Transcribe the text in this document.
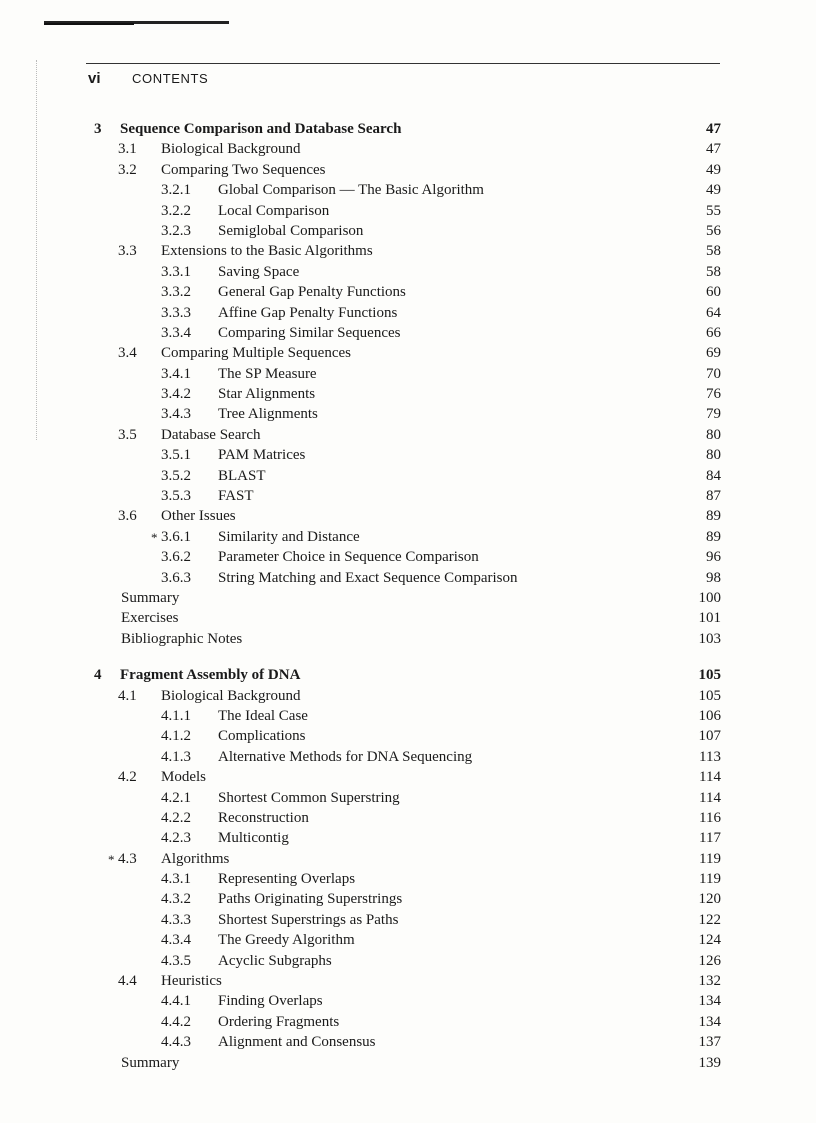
vi CONTENTS
3 Sequence Comparison and Database Search	47
3.1 Biological Background	47
3.2 Comparing Two Sequences	49
3.2.1 Global Comparison — The Basic Algorithm	49
3.2.2 Local Comparison	55
3.2.3 Semiglobal Comparison	56
3.3 Extensions to the Basic Algorithms	58
3.3.1 Saving Space	58
3.3.2 General Gap Penalty Functions	60
3.3.3 Affine Gap Penalty Functions	64
3.3.4 Comparing Similar Sequences	66
3.4 Comparing Multiple Sequences	69
3.4.1 The SP Measure	70
3.4.2 Star Alignments	76
3.4.3 Tree Alignments	79
3.5 Database Search	80
3.5.1 PAM Matrices	80
3.5.2 BLAST	84
3.5.3 FAST	87
3.6 Other Issues	89
* 3.6.1 Similarity and Distance	89
3.6.2 Parameter Choice in Sequence Comparison	96
3.6.3 String Matching and Exact Sequence Comparison	98
Summary	100
Exercises	101
Bibliographic Notes	103
4 Fragment Assembly of DNA	105
4.1 Biological Background	105
4.1.1 The Ideal Case	106
4.1.2 Complications	107
4.1.3 Alternative Methods for DNA Sequencing	113
4.2 Models	114
4.2.1 Shortest Common Superstring	114
4.2.2 Reconstruction	116
4.2.3 Multicontig	117
* 4.3 Algorithms	119
4.3.1 Representing Overlaps	119
4.3.2 Paths Originating Superstrings	120
4.3.3 Shortest Superstrings as Paths	122
4.3.4 The Greedy Algorithm	124
4.3.5 Acyclic Subgraphs	126
4.4 Heuristics	132
4.4.1 Finding Overlaps	134
4.4.2 Ordering Fragments	134
4.4.3 Alignment and Consensus	137
Summary	139
